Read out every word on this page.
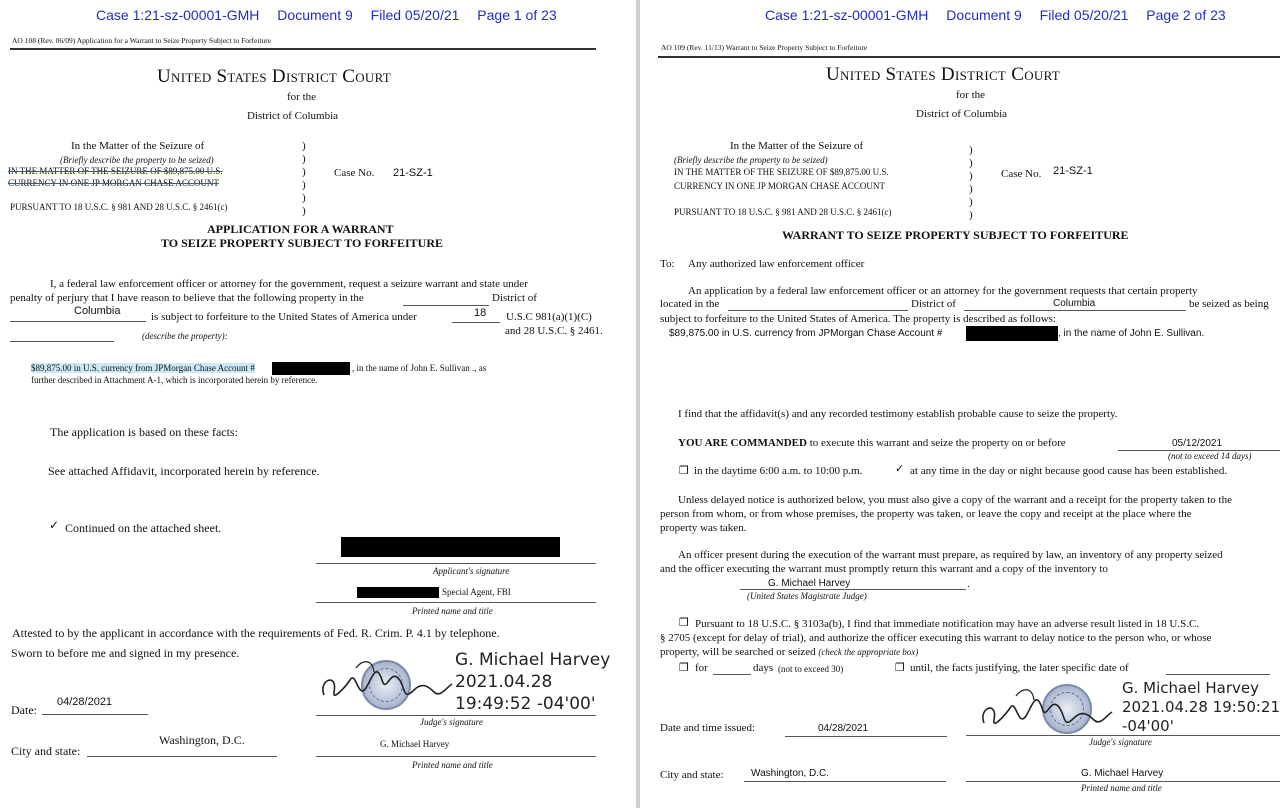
Case 1:21-sz-00001-GMH Document 9 Filed 05/20/21 Page 1 of 23
AO 108 (Rev. 06/09) Application for a Warrant to Seize Property Subject to Forfeiture
United States District Court
for the
District of Columbia
In the Matter of the Seizure of
(Briefly describe the property to be seized)
IN THE MATTER OF THE SEIZURE OF $89,875.00 U.S.
CURRENCY IN ONE JP MORGAN CHASE ACCOUNT
)
)
)
)
)
)
Case No. 21-SZ-1
PURSUANT TO 18 U.S.C. § 981 AND 28 U.S.C. § 2461(c)
APPLICATION FOR A WARRANT
TO SEIZE PROPERTY SUBJECT TO FORFEITURE
I, a federal law enforcement officer or attorney for the government, request a seizure warrant and state under
penalty of perjury that I have reason to believe that the following property in the	District of
Columbia	is subject to forfeiture to the United States of America under	18 U.S.C 981(a)(1)(C)
and 28 U.S.C. § 2461.
(describe the property):
$89,875.00 in U.S. currency from JPMorgan Chase Account #	, in the name of John E. Sullivan ., as
further described in Attachment A-1, which is incorporated herein by reference.
The application is based on these facts:
See attached Affidavit, incorporated herein by reference.
✓ Continued on the attached sheet.
Applicant's signature
Special Agent, FBI
Printed name and title
Attested to by the applicant in accordance with the requirements of Fed. R. Crim. P. 4.1 by telephone.
Sworn to before me and signed in my presence.	G. Michael Harvey
2021.04.28
19:49:52 -04'00'
Judge's signature
Date:
04/28/2021
City and state:
Washington, D.C.	G. Michael Harvey
Printed name and title
Case 1:21-sz-00001-GMH Document 9 Filed 05/20/21 Page 2 of 23
AO 109 (Rev. 11/13) Warrant to Seize Property Subject to Forfeiture
United States District Court
for the
District of Columbia
In the Matter of the Seizure of
(Briefly describe the property to be seized)
IN THE MATTER OF THE SEIZURE OF $89,875.00 U.S.
CURRENCY IN ONE JP MORGAN CHASE ACCOUNT
)
)
)
)
)
)
Case No. 21-SZ-1
PURSUANT TO 18 U.S.C. § 981 AND 28 U.S.C. § 2461(c)
WARRANT TO SEIZE PROPERTY SUBJECT TO FORFEITURE
To: Any authorized law enforcement officer
An application by a federal law enforcement officer or an attorney for the government requests that certain property
located in the	District of	Columbia	be seized as being
subject to forfeiture to the United States of America. The property is described as follows:
$89,875.00 in U.S. currency from JPMorgan Chase Account #	, in the name of John E. Sullivan.
I find that the affidavit(s) and any recorded testimony establish probable cause to seize the property.
YOU ARE COMMANDED to execute this warrant and seize the property on or before	05/12/2021
(not to exceed 14 days)
❐ in the daytime 6:00 a.m. to 10:00 p.m.	✓ at any time in the day or night because good cause has been established.
Unless delayed notice is authorized below, you must also give a copy of the warrant and a receipt for the property taken to the
person from whom, or from whose premises, the property was taken, or leave the copy and receipt at the place where the
property was taken.
An officer present during the execution of the warrant must prepare, as required by law, an inventory of any property seized
and the officer executing the warrant must promptly return this warrant and a copy of the inventory to
G. Michael Harvey	.
(United States Magistrate Judge)
❐ Pursuant to 18 U.S.C. § 3103a(b), I find that immediate notification may have an adverse result listed in 18 U.S.C.
§ 2705 (except for delay of trial), and authorize the officer executing this warrant to delay notice to the person who, or whose
property, will be searched or seized (check the appropriate box)
❐ for	days (not to exceed 30)	❐ until, the facts justifying, the later specific date of
G. Michael Harvey
2021.04.28 19:50:21
-04'00'
Judge's signature
Date and time issued:	04/28/2021
City and state:	Washington, D.C.	G. Michael Harvey
Printed name and title
